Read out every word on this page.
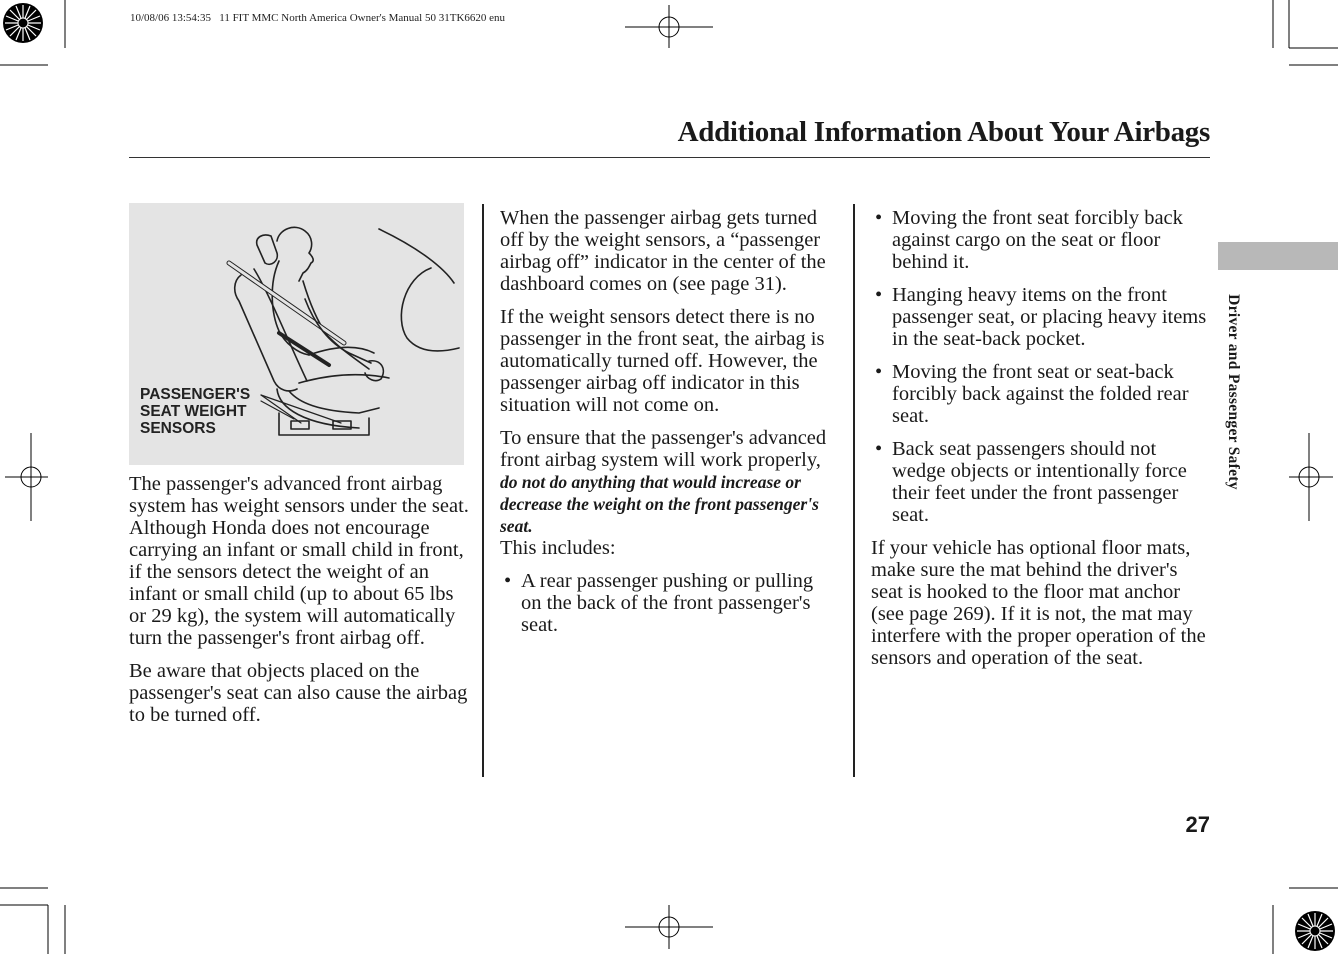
10/08/06 13:54:35   11 FIT MMC North America Owner's Manual 50 31TK6620 enu
Additional Information About Your Airbags
Driver and Passenger Safety
PASSENGER'S
SEAT WEIGHT
SENSORS

The passenger's advanced front airbag system has weight sensors under the seat. Although Honda does not encourage carrying an infant or small child in front, if the sensors detect the weight of an infant or small child (up to about 65 lbs or 29 kg), the system will automatically turn the passenger's front airbag off.

Be aware that objects placed on the passenger's seat can also cause the airbag to be turned off.

When the passenger airbag gets turned off by the weight sensors, a “passenger airbag off” indicator in the center of the dashboard comes on (see page 31).

If the weight sensors detect there is no passenger in the front seat, the airbag is automatically turned off. However, the passenger airbag off indicator in this situation will not come on.

To ensure that the passenger's advanced front airbag system will work properly, do not do anything that would increase or decrease the weight on the front passenger's seat.
This includes:

• A rear passenger pushing or pulling on the back of the front passenger's seat.
• Moving the front seat forcibly back against cargo on the seat or floor behind it.
• Hanging heavy items on the front passenger seat, or placing heavy items in the seat-back pocket.
• Moving the front seat or seat-back forcibly back against the folded rear seat.
• Back seat passengers should not wedge objects or intentionally force their feet under the front passenger seat.

If your vehicle has optional floor mats, make sure the mat behind the driver's seat is hooked to the floor mat anchor (see page 269). If it is not, the mat may interfere with the proper operation of the sensors and operation of the seat.

27
